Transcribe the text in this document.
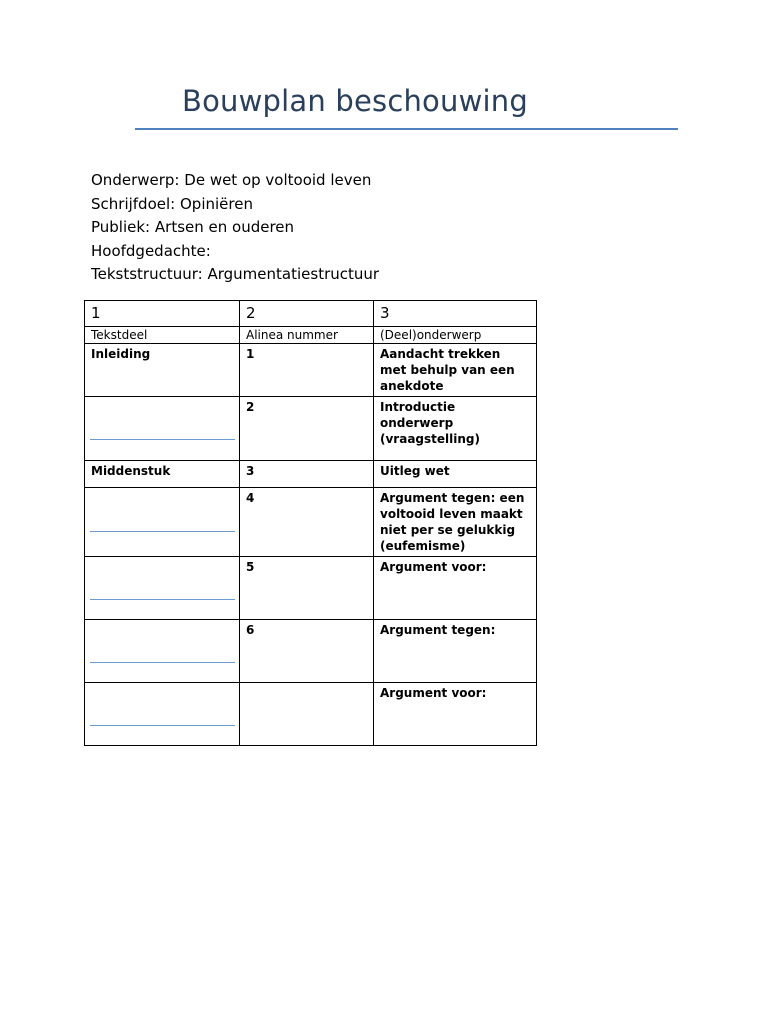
Bouwplan beschouwing
Onderwerp: De wet op voltooid leven
Schrijfdoel: Opiniëren
Publiek: Artsen en ouderen
Hoofdgedachte:
Tekststructuur: Argumentatiestructuur
1	2	3
Tekstdeel	Alinea nummer	(Deel)onderwerp
Inleiding	1	Aandacht trekken met behulp van een anekdote

	2	Introductie onderwerp (vraagstelling)
Middenstuk	3	Uitleg wet

	4	Argument tegen: een voltooid leven maakt niet per se gelukkig (eufemisme)

	5	Argument voor:

	6	Argument tegen:

		Argument voor:
